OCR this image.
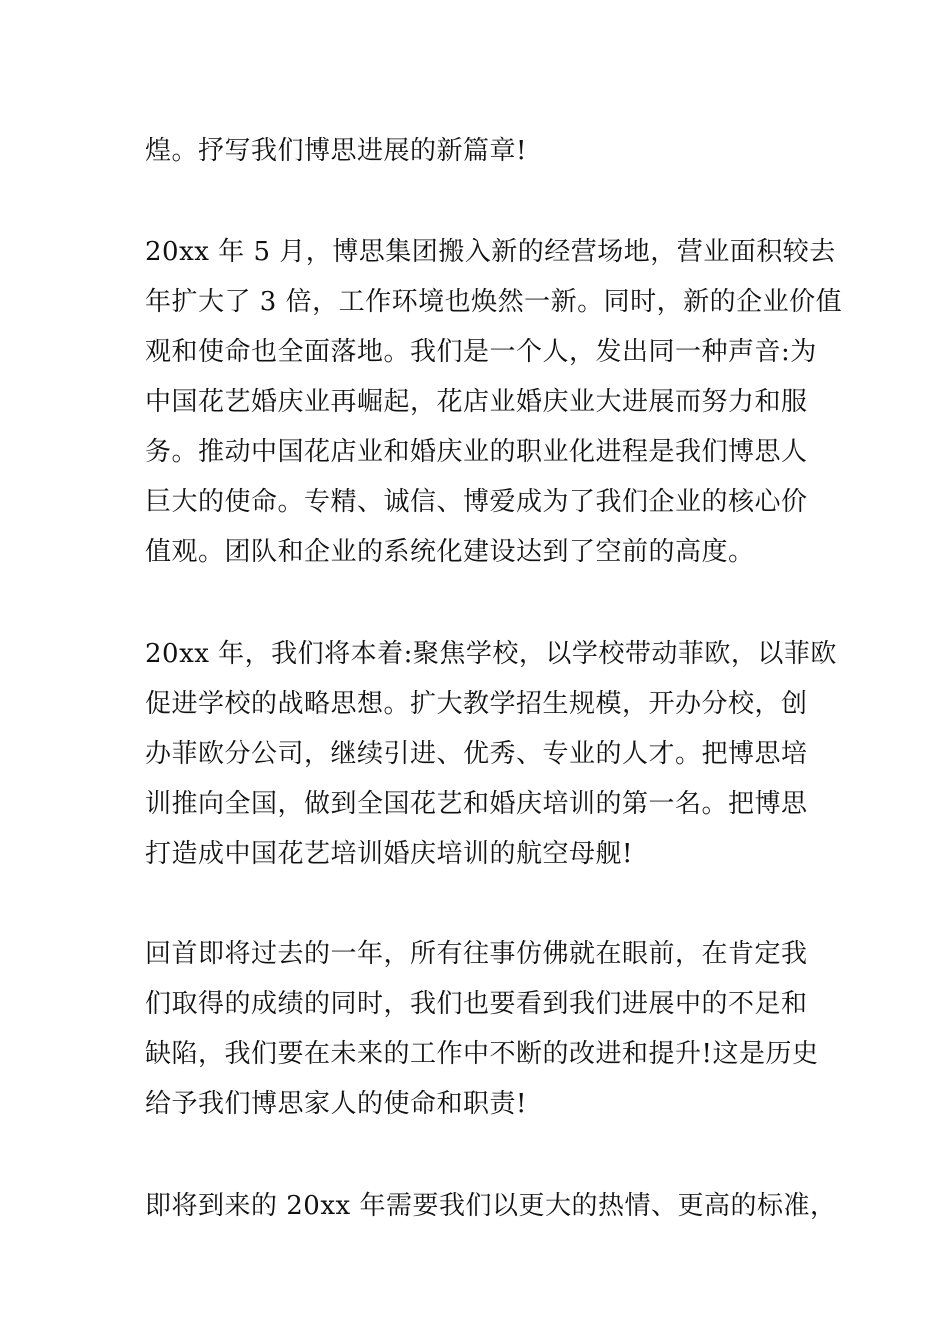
煌。抒写我们博思进展的新篇章!
20xx 年 5 月，博思集团搬入新的经营场地，营业面积较去
年扩大了 3 倍，工作环境也焕然一新。同时，新的企业价值
观和使命也全面落地。我们是一个人，发出同一种声音:为
中国花艺婚庆业再崛起，花店业婚庆业大进展而努力和服
务。推动中国花店业和婚庆业的职业化进程是我们博思人
巨大的使命。专精、诚信、博爱成为了我们企业的核心价
值观。团队和企业的系统化建设达到了空前的高度。
20xx 年，我们将本着:聚焦学校，以学校带动菲欧，以菲欧
促进学校的战略思想。扩大教学招生规模，开办分校，创
办菲欧分公司，继续引进、优秀、专业的人才。把博思培
训推向全国，做到全国花艺和婚庆培训的第一名。把博思
打造成中国花艺培训婚庆培训的航空母舰!
回首即将过去的一年，所有往事仿佛就在眼前，在肯定我
们取得的成绩的同时，我们也要看到我们进展中的不足和
缺陷，我们要在未来的工作中不断的改进和提升!这是历史
给予我们博思家人的使命和职责!
即将到来的 20xx 年需要我们以更大的热情、更高的标准，
